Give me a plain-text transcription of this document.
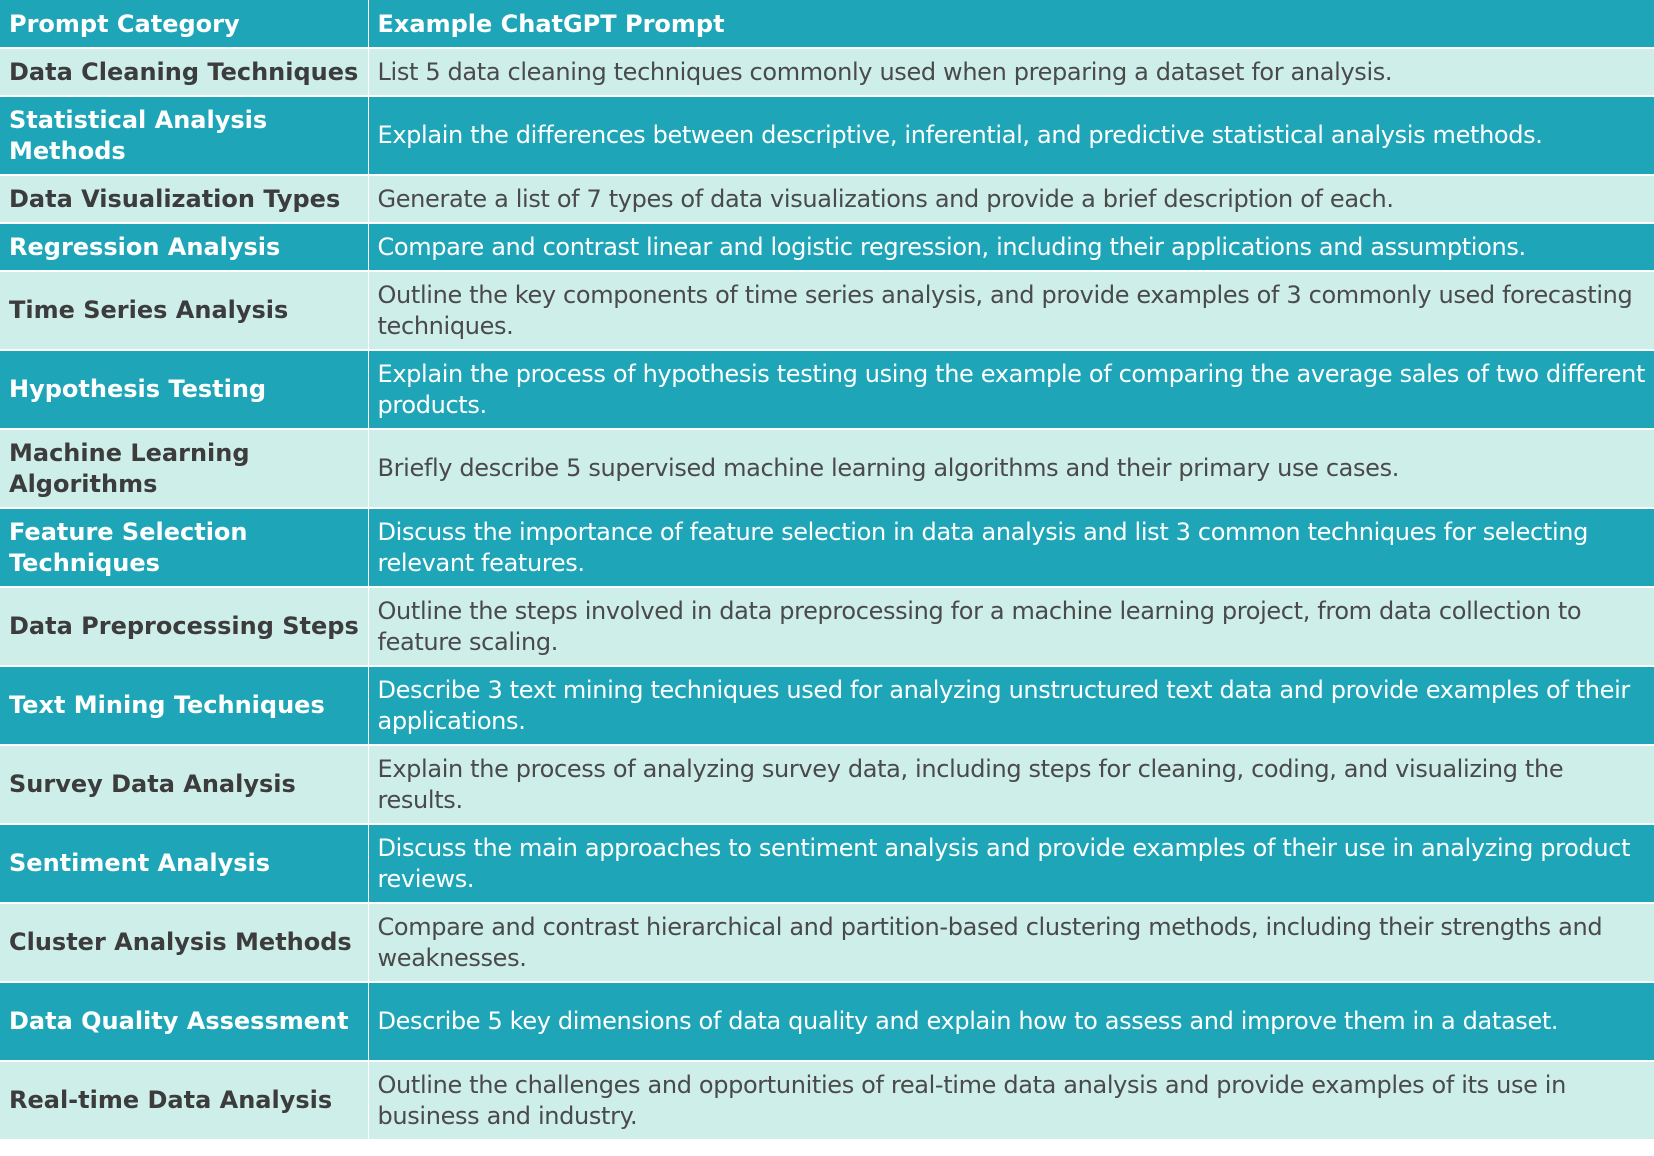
Prompt Category	Example ChatGPT Prompt
Data Cleaning Techniques	List 5 data cleaning techniques commonly used when preparing a dataset for analysis.
Statistical Analysis Methods	Explain the differences between descriptive, inferential, and predictive statistical analysis methods.
Data Visualization Types	Generate a list of 7 types of data visualizations and provide a brief description of each.
Regression Analysis	Compare and contrast linear and logistic regression, including their applications and assumptions.
Time Series Analysis	Outline the key components of time series analysis, and provide examples of 3 commonly used forecasting techniques.
Hypothesis Testing	Explain the process of hypothesis testing using the example of comparing the average sales of two different products.
Machine Learning Algorithms	Briefly describe 5 supervised machine learning algorithms and their primary use cases.
Feature Selection Techniques	Discuss the importance of feature selection in data analysis and list 3 common techniques for selecting relevant features.
Data Preprocessing Steps	Outline the steps involved in data preprocessing for a machine learning project, from data collection to feature scaling.
Text Mining Techniques	Describe 3 text mining techniques used for analyzing unstructured text data and provide examples of their applications.
Survey Data Analysis	Explain the process of analyzing survey data, including steps for cleaning, coding, and visualizing the results.
Sentiment Analysis	Discuss the main approaches to sentiment analysis and provide examples of their use in analyzing product reviews.
Cluster Analysis Methods	Compare and contrast hierarchical and partition-based clustering methods, including their strengths and weaknesses.
Data Quality Assessment	Describe 5 key dimensions of data quality and explain how to assess and improve them in a dataset.
Real-time Data Analysis	Outline the challenges and opportunities of real-time data analysis and provide examples of its use in business and industry.
